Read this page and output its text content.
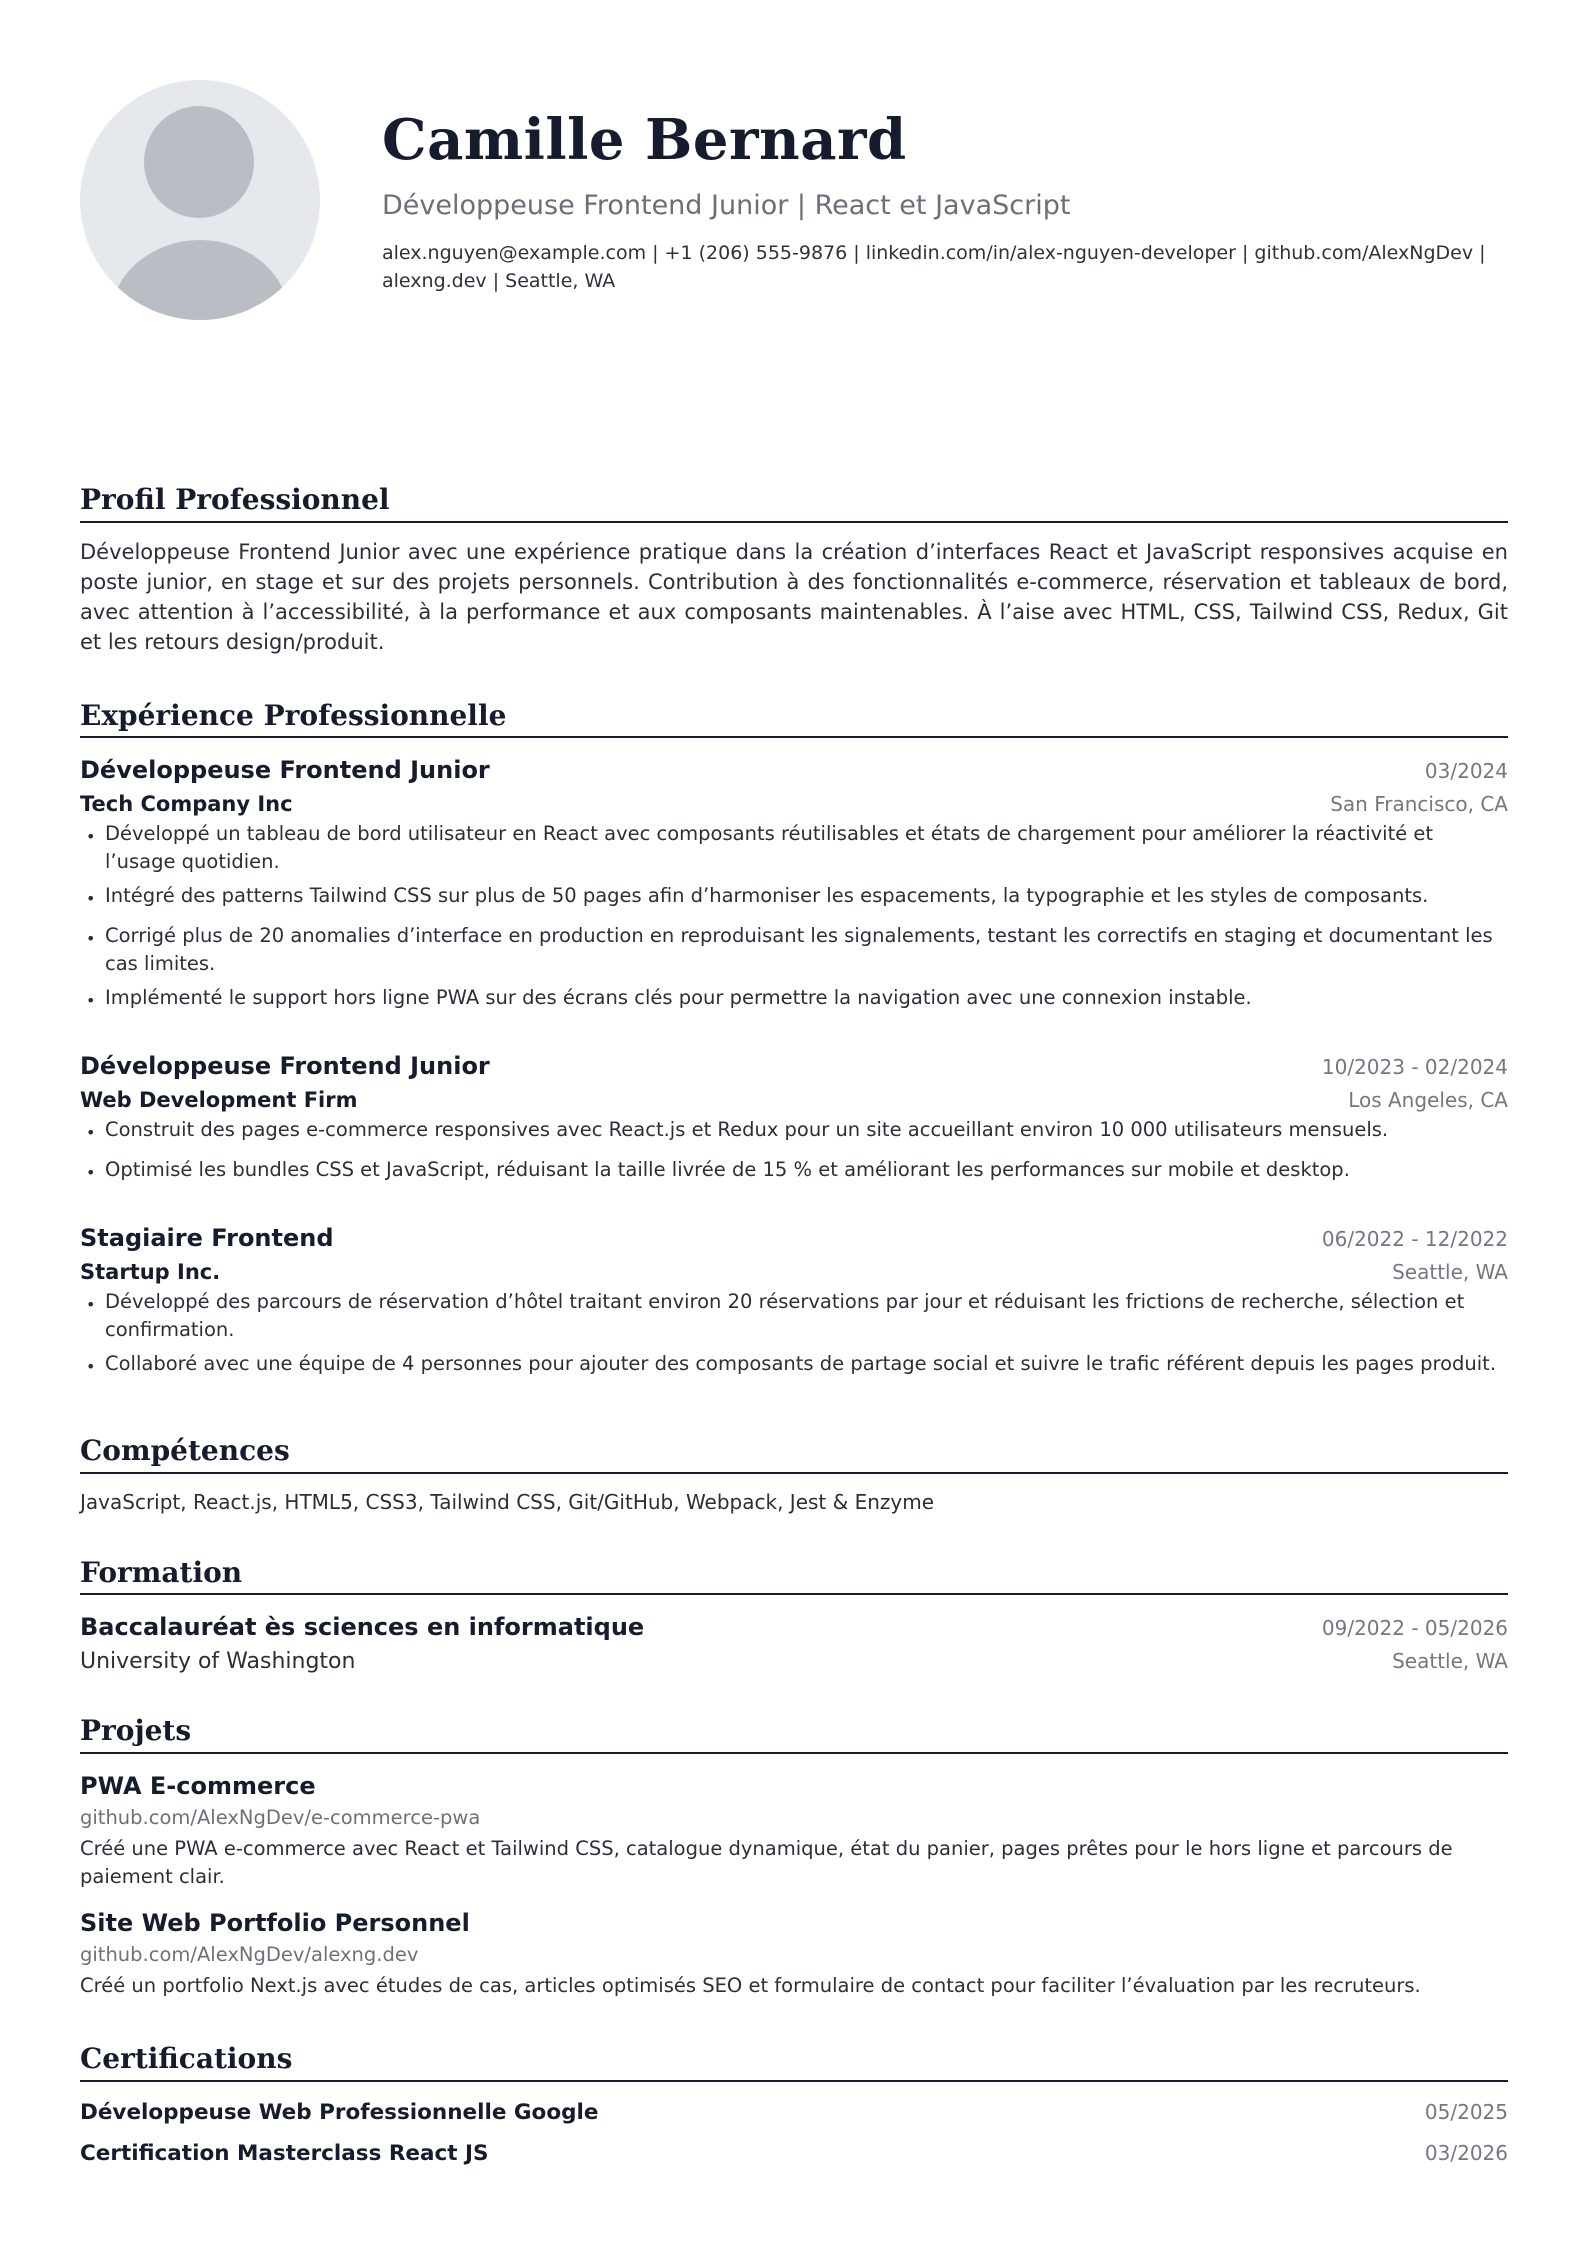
Camille Bernard
Développeuse Frontend Junior | React et JavaScript
alex.nguyen@example.com | +1 (206) 555-9876 | linkedin.com/in/alex-nguyen-developer | github.com/AlexNgDev | alexng.dev | Seattle, WA
Profil Professionnel
Développeuse Frontend Junior avec une expérience pratique dans la création d’interfaces React et JavaScript responsives acquise en poste junior, en stage et sur des projets personnels. Contribution à des fonctionnalités e-commerce, réservation et tableaux de bord, avec attention à l’accessibilité, à la performance et aux composants maintenables. À l’aise avec HTML, CSS, Tailwind CSS, Redux, Git et les retours design/produit.
Expérience Professionnelle
Développeuse Frontend Junior	03/2024
Tech Company Inc	San Francisco, CA
• Développé un tableau de bord utilisateur en React avec composants réutilisables et états de chargement pour améliorer la réactivité et l’usage quotidien.
• Intégré des patterns Tailwind CSS sur plus de 50 pages afin d’harmoniser les espacements, la typographie et les styles de composants.
• Corrigé plus de 20 anomalies d’interface en production en reproduisant les signalements, testant les correctifs en staging et documentant les cas limites.
• Implémenté le support hors ligne PWA sur des écrans clés pour permettre la navigation avec une connexion instable.
Développeuse Frontend Junior	10/2023 - 02/2024
Web Development Firm	Los Angeles, CA
• Construit des pages e-commerce responsives avec React.js et Redux pour un site accueillant environ 10 000 utilisateurs mensuels.
• Optimisé les bundles CSS et JavaScript, réduisant la taille livrée de 15 % et améliorant les performances sur mobile et desktop.
Stagiaire Frontend	06/2022 - 12/2022
Startup Inc.	Seattle, WA
• Développé des parcours de réservation d’hôtel traitant environ 20 réservations par jour et réduisant les frictions de recherche, sélection et confirmation.
• Collaboré avec une équipe de 4 personnes pour ajouter des composants de partage social et suivre le trafic référent depuis les pages produit.
Compétences
JavaScript, React.js, HTML5, CSS3, Tailwind CSS, Git/GitHub, Webpack, Jest & Enzyme
Formation
Baccalauréat ès sciences en informatique	09/2022 - 05/2026
University of Washington	Seattle, WA
Projets
PWA E-commerce
github.com/AlexNgDev/e-commerce-pwa
Créé une PWA e-commerce avec React et Tailwind CSS, catalogue dynamique, état du panier, pages prêtes pour le hors ligne et parcours de paiement clair.
Site Web Portfolio Personnel
github.com/AlexNgDev/alexng.dev
Créé un portfolio Next.js avec études de cas, articles optimisés SEO et formulaire de contact pour faciliter l’évaluation par les recruteurs.
Certifications
Développeuse Web Professionnelle Google	05/2025
Certification Masterclass React JS	03/2026
